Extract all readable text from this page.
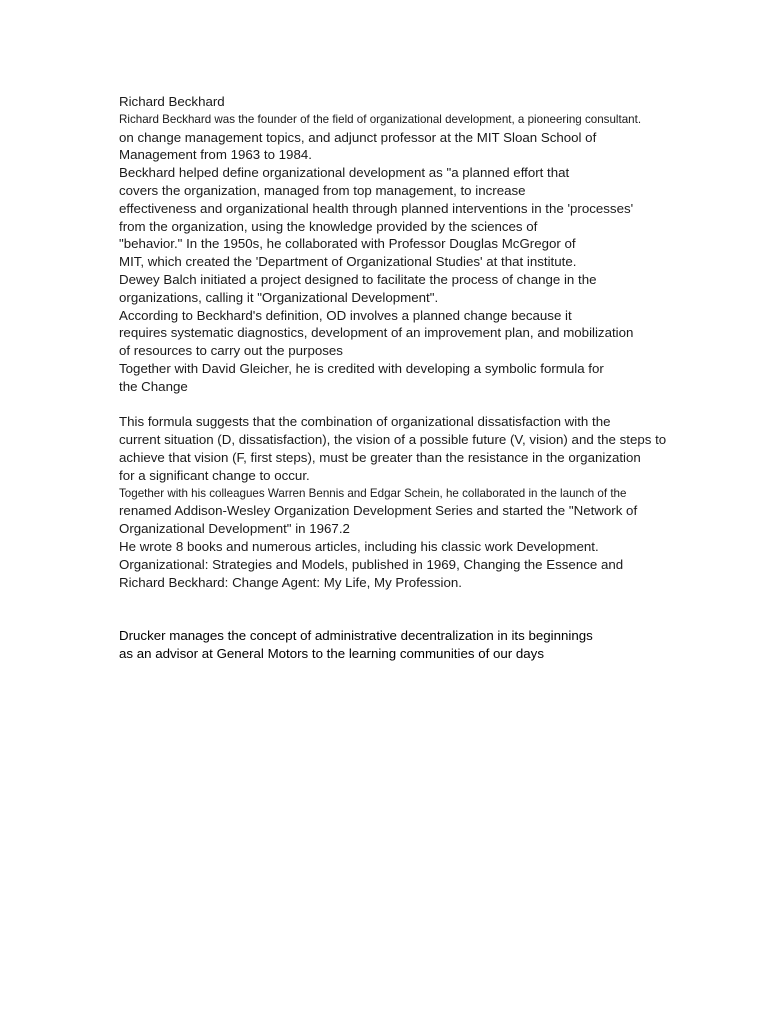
Richard Beckhard
Richard Beckhard was the founder of the field of organizational development, a pioneering consultant.
on change management topics, and adjunct professor at the MIT Sloan School of
Management from 1963 to 1984.
Beckhard helped define organizational development as "a planned effort that
covers the organization, managed from top management, to increase
effectiveness and organizational health through planned interventions in the 'processes'
from the organization, using the knowledge provided by the sciences of
"behavior." In the 1950s, he collaborated with Professor Douglas McGregor of
MIT, which created the 'Department of Organizational Studies' at that institute.
Dewey Balch initiated a project designed to facilitate the process of change in the
organizations, calling it "Organizational Development".
According to Beckhard's definition, OD involves a planned change because it
requires systematic diagnostics, development of an improvement plan, and mobilization
of resources to carry out the purposes
Together with David Gleicher, he is credited with developing a symbolic formula for
the Change
This formula suggests that the combination of organizational dissatisfaction with the
current situation (D, dissatisfaction), the vision of a possible future (V, vision) and the steps to
achieve that vision (F, first steps), must be greater than the resistance in the organization
for a significant change to occur.
Together with his colleagues Warren Bennis and Edgar Schein, he collaborated in the launch of the
renamed Addison-Wesley Organization Development Series and started the "Network of
Organizational Development" in 1967.2
He wrote 8 books and numerous articles, including his classic work Development.
Organizational: Strategies and Models, published in 1969, Changing the Essence and
Richard Beckhard: Change Agent: My Life, My Profession.
Drucker manages the concept of administrative decentralization in its beginnings
as an advisor at General Motors to the learning communities of our days
